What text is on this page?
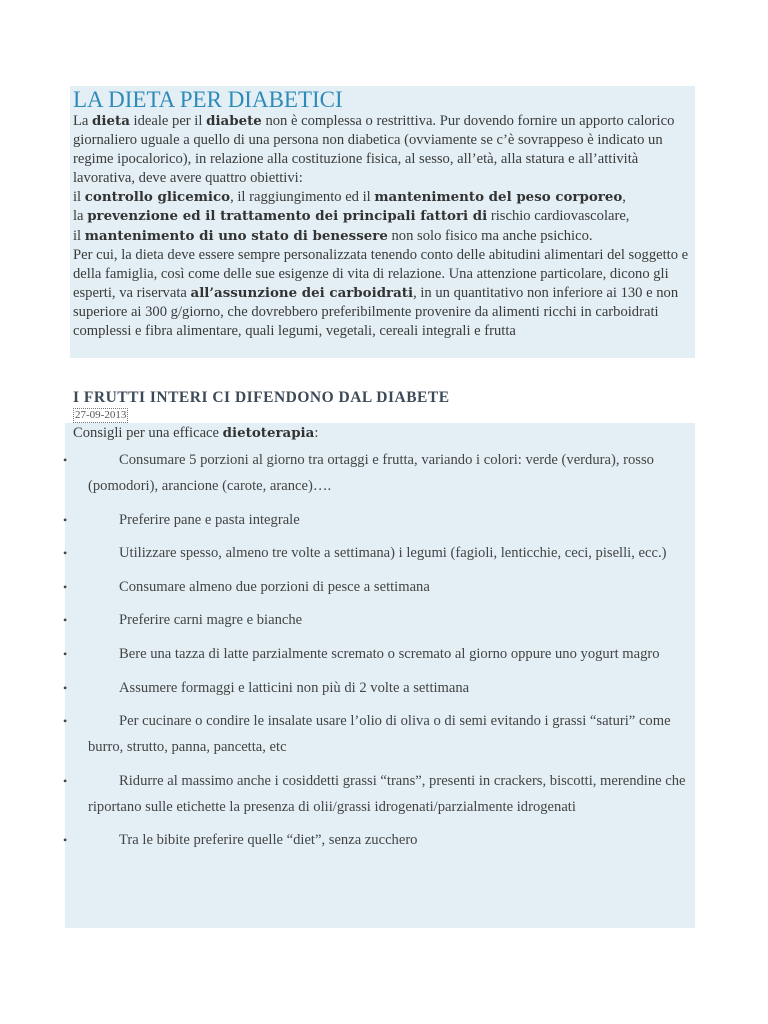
LA DIETA PER DIABETICI

La dieta ideale per il diabete non è complessa o restrittiva. Pur dovendo fornire un apporto calorico giornaliero uguale a quello di una persona non diabetica (ovviamente se c’è sovrappeso è indicato un regime ipocalorico), in relazione alla costituzione fisica, al sesso, all’età, alla statura e all’attività lavorativa, deve avere quattro obiettivi:

il controllo glicemico, il raggiungimento ed il mantenimento del peso corporeo,

la prevenzione ed il trattamento dei principali fattori di rischio cardiovascolare,

il mantenimento di uno stato di benessere non solo fisico ma anche psichico.

Per cui, la dieta deve essere sempre personalizzata tenendo conto delle abitudini alimentari del soggetto e della famiglia, così come delle sue esigenze di vita di relazione. Una attenzione particolare, dicono gli esperti, va riservata all’assunzione dei carboidrati, in un quantitativo non inferiore ai 130 e non superiore ai 300 g/giorno, che dovrebbero preferibilmente provenire da alimenti ricchi in carboidrati complessi e fibra alimentare, quali legumi, vegetali, cereali integrali e frutta

I FRUTTI INTERI CI DIFENDONO DAL DIABETE
27-09-2013
Consigli per una efficace dietoterapia:
•	Consumare 5 porzioni al giorno tra ortaggi e frutta, variando i colori: verde (verdura), rosso (pomodori), arancione (carote, arance)….
•	Preferire pane e pasta integrale
•	Utilizzare spesso, almeno tre volte a settimana) i legumi (fagioli, lenticchie, ceci, piselli, ecc.)
•	Consumare almeno due porzioni di pesce a settimana
•	Preferire carni magre e bianche
•	Bere una tazza di latte parzialmente scremato o scremato al giorno oppure uno yogurt magro
•	Assumere formaggi e latticini non più di 2 volte a settimana
•	Per cucinare o condire le insalate usare l’olio di oliva o di semi evitando i grassi “saturi” come burro, strutto, panna, pancetta, etc
•	Ridurre al massimo anche i cosiddetti grassi “trans”, presenti in crackers, biscotti, merendine che riportano sulle etichette la presenza di olii/grassi idrogenati/parzialmente idrogenati
•	Tra le bibite preferire quelle “diet”, senza zucchero
